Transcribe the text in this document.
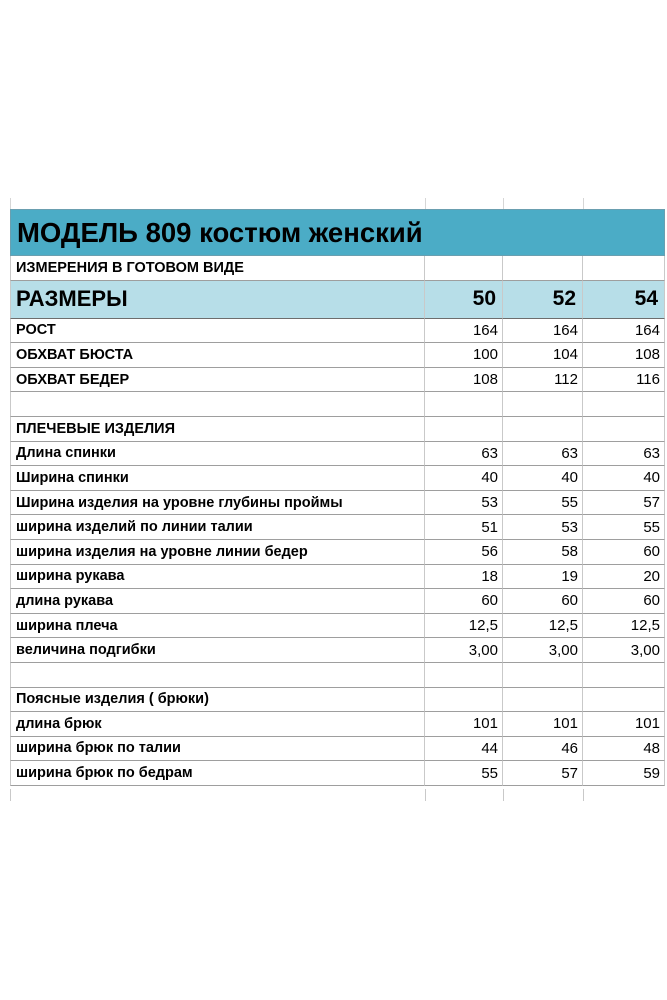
МОДЕЛЬ 809 костюм женский
ИЗМЕРЕНИЯ В ГОТОВОМ ВИДЕ
РАЗМЕРЫ	50	52	54
РОСТ	164	164	164
ОБХВАТ БЮСТА	100	104	108
ОБХВАТ БЕДЕР	108	112	116
ПЛЕЧЕВЫЕ ИЗДЕЛИЯ
Длина спинки	63	63	63
Ширина спинки	40	40	40
Ширина изделия на уровне глубины проймы	53	55	57
ширина изделий по линии талии	51	53	55
ширина изделия на уровне линии бедер	56	58	60
ширина рукава	18	19	20
длина рукава	60	60	60
ширина плеча	12,5	12,5	12,5
величина подгибки	3,00	3,00	3,00
Поясные изделия ( брюки)
длина брюк	101	101	101
ширина брюк по талии	44	46	48
ширина брюк по бедрам	55	57	59
